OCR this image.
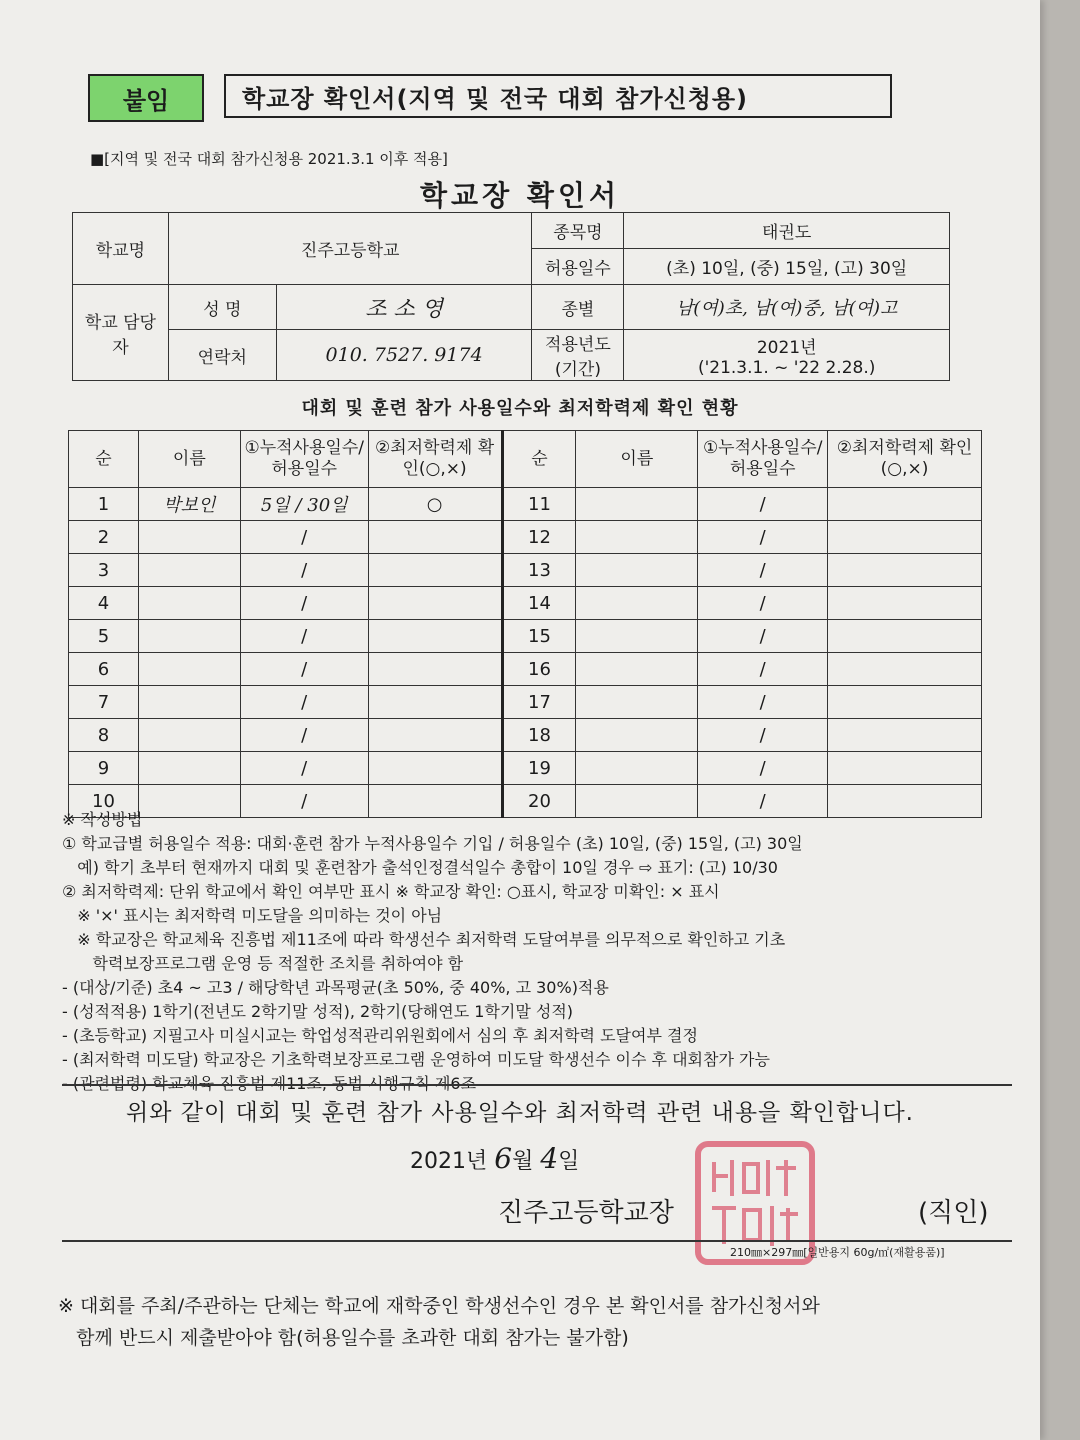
붙임	학교장 확인서(지역 및 전국 대회 참가신청용)
■[지역 및 전국 대회 참가신청용 2021.3.1 이후 적용]
학교장 확인서
학교명	진주고등학교		종목명	태권도
			허용일수	(초) 10일, (중) 15일, (고) 30일
학교 담당자	성 명	조 소 영	종별	남(여)초, 남(여)중, 남(여)고
	연락처	010. 7527. 9174	적용년도 (기간)	2021년
('21.3.1. ~ '22 2.28.)
대회 및 훈련 참가 사용일수와 최저학력제 확인 현황
순	이름	①누적사용일수/허용일수	②최저학력제 확인(○,×)	순	이름	①누적사용일수/허용일수	②최저학력제 확인(○,×)
1	박보인	5일 / 30일	○	11		/	
2		/		12		/	
3		/		13		/	
4		/		14		/	
5		/		15		/	
6		/		16		/	
7		/		17		/	
8		/		18		/	
9		/		19		/	
10		/		20		/	
※ 작성방법
① 학교급별 허용일수 적용: 대회·훈련 참가 누적사용일수 기입 / 허용일수 (초) 10일, (중) 15일, (고) 30일
예) 학기 초부터 현재까지 대회 및 훈련참가 출석인정결석일수 총합이 10일 경우 ⇨ 표기: (고) 10/30
② 최저학력제: 단위 학교에서 확인 여부만 표시 ※ 학교장 확인: ○표시, 학교장 미확인: × 표시
※ '×' 표시는 최저학력 미도달을 의미하는 것이 아님
※ 학교장은 학교체육 진흥법 제11조에 따라 학생선수 최저학력 도달여부를 의무적으로 확인하고 기초
학력보장프로그램 운영 등 적절한 조치를 취하여야 함
- (대상/기준) 초4 ~ 고3 / 해당학년 과목평균(초 50%, 중 40%, 고 30%)적용
- (성적적용) 1학기(전년도 2학기말 성적), 2학기(당해연도 1학기말 성적)
- (초등학교) 지필고사 미실시교는 학업성적관리위원회에서 심의 후 최저학력 도달여부 결정
- (최저학력 미도달) 학교장은 기초학력보장프로그램 운영하여 미도달 학생선수 이수 후 대회참가 가능
- (관련법령) 학교체육 진흥법 제11조, 동법 시행규칙 제6조
위와 같이 대회 및 훈련 참가 사용일수와 최저학력 관련 내용을 확인합니다.
2021년 6월 4일
진주고등학교장	(직인)
210㎜×297㎜[일반용지 60g/㎡(재활용품)]
※ 대회를 주최/주관하는 단체는 학교에 재학중인 학생선수인 경우 본 확인서를 참가신청서와
함께 반드시 제출받아야 함(허용일수를 초과한 대회 참가는 불가함)
